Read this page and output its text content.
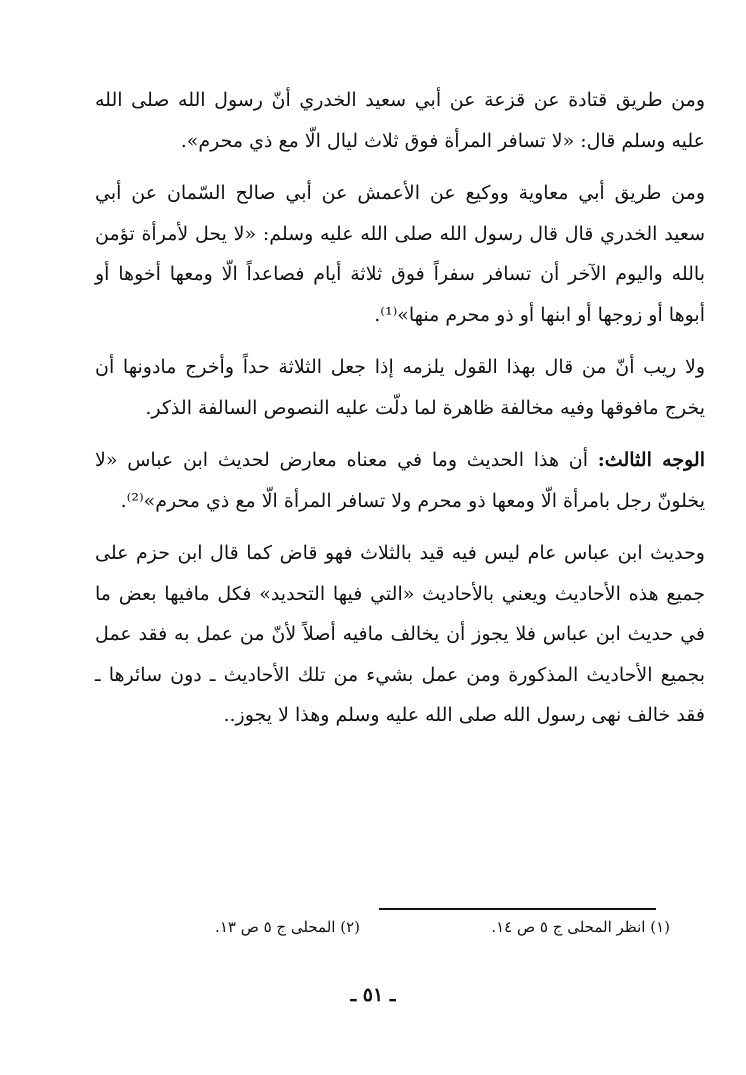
ومن طريق قتادة عن قزعة عن أبي سعيد الخدري أنّ رسول الله صلى الله عليه وسلم قال: «لا تسافر المرأة فوق ثلاث ليال الّا مع ذي محرم».

ومن طريق أبي معاوية ووكيع عن الأعمش عن أبي صالح السّمان عن أبي سعيد الخدري قال قال رسول الله صلى الله عليه وسلم: «لا يحل لأمرأة تؤمن بالله واليوم الآخر أن تسافر سفراً فوق ثلاثة أيام فصاعداً الّا ومعها أخوها أو أبوها أو زوجها أو ابنها أو ذو محرم منها»⁽¹⁾.

ولا ريب أنّ من قال بهذا القول يلزمه إذا جعل الثلاثة حداً وأخرج مادونها أن يخرج مافوقها وفيه مخالفة ظاهرة لما دلّت عليه النصوص السالفة الذكر.

الوجه الثالث: أن هذا الحديث وما في معناه معارض لحديث ابن عباس «لا يخلونّ رجل بامرأة الّا ومعها ذو محرم ولا تسافر المرأة الّا مع ذي محرم»⁽²⁾.

وحديث ابن عباس عام ليس فيه قيد بالثلاث فهو قاض كما قال ابن حزم على جميع هذه الأحاديث ويعني بالأحاديث «التي فيها التحديد» فكل مافيها بعض ما في حديث ابن عباس فلا يجوز أن يخالف مافيه أصلاً لأنّ من عمل به فقد عمل بجميع الأحاديث المذكورة ومن عمل بشيء من تلك الأحاديث ـ دون سائرها ـ فقد خالف نهى رسول الله صلى الله عليه وسلم وهذا لا يجوز..

(١) انظر المحلى ج ٥ ص ١٤.
(٢) المحلى ج ٥ ص ١٣.
ـ ٥١ ـ
